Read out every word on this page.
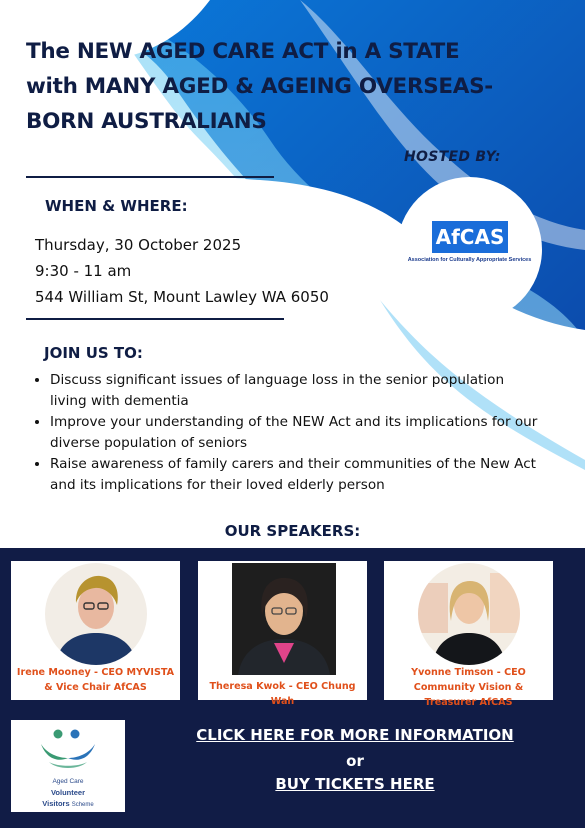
The NEW AGED CARE ACT in A STATE with MANY AGED & AGEING OVERSEAS-BORN AUSTRALIANS
HOSTED BY:
AfCAS
Association for Culturally Appropriate Services
WHEN & WHERE:
Thursday, 30 October 2025
9:30 - 11 am
544 William St, Mount Lawley WA 6050
JOIN US TO:
• Discuss significant issues of language loss in the senior population living with dementia
• Improve your understanding of the NEW Act and its implications for our diverse population of seniors
• Raise awareness of family carers and their communities of the New Act and its implications for their loved elderly person
OUR SPEAKERS:
Irene Mooney - CEO MYVISTA & Vice Chair AfCAS	Theresa Kwok - CEO Chung Wah
Yvonne Timson - CEO Community Vision & Treasurer AfCAS
Aged Care
Volunteer
Visitors Scheme
CLICK HERE FOR MORE INFORMATION
or
BUY TICKETS HERE
